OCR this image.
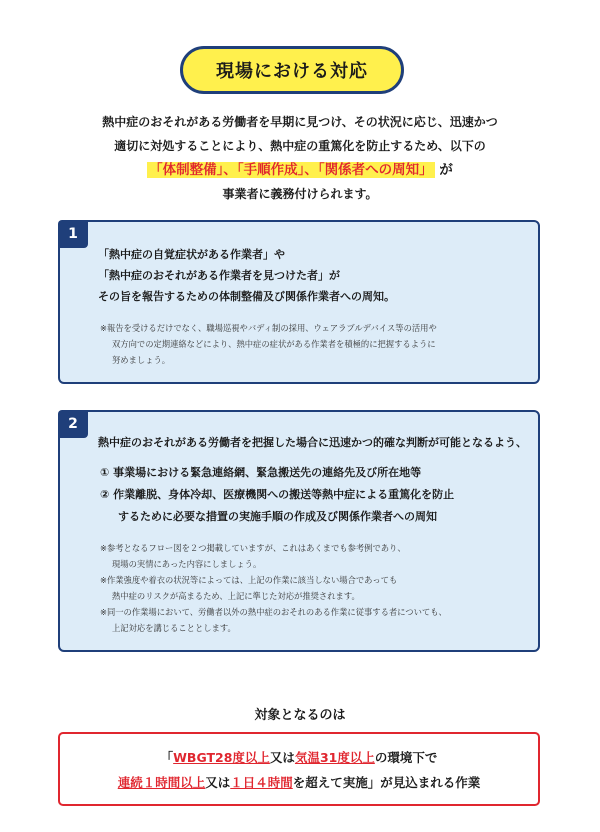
現場における対応
熱中症のおそれがある労働者を早期に見つけ、その状況に応じ、迅速かつ
適切に対処することにより、熱中症の重篤化を防止するため、以下の
「体制整備」、「手順作成」、「関係者への周知」 が
事業者に義務付けられます。
1
「熱中症の自覚症状がある作業者」や
「熱中症のおそれがある作業者を見つけた者」が
その旨を報告するための体制整備及び関係作業者への周知。
※報告を受けるだけでなく、職場巡視やバディ制の採用、ウェアラブルデバイス等の活用や
双方向での定期連絡などにより、熱中症の症状がある作業者を積極的に把握するように
努めましょう。
2
熱中症のおそれがある労働者を把握した場合に迅速かつ的確な判断が可能となるよう、
① 事業場における緊急連絡網、緊急搬送先の連絡先及び所在地等
② 作業離脱、身体冷却、医療機関への搬送等熱中症による重篤化を防止
するために必要な措置の実施手順の作成及び関係作業者への周知
※参考となるフロー図を２つ掲載していますが、これはあくまでも参考例であり、
現場の実情にあった内容にしましょう。
※作業強度や着衣の状況等によっては、上記の作業に該当しない場合であっても
熱中症のリスクが高まるため、上記に準じた対応が推奨されます。
※同一の作業場において、労働者以外の熱中症のおそれのある作業に従事する者についても、
上記対応を講じることとします。
対象となるのは
「WBGT28度以上又は気温31度以上の環境下で
連続１時間以上又は１日４時間を超えて実施」が見込まれる作業
